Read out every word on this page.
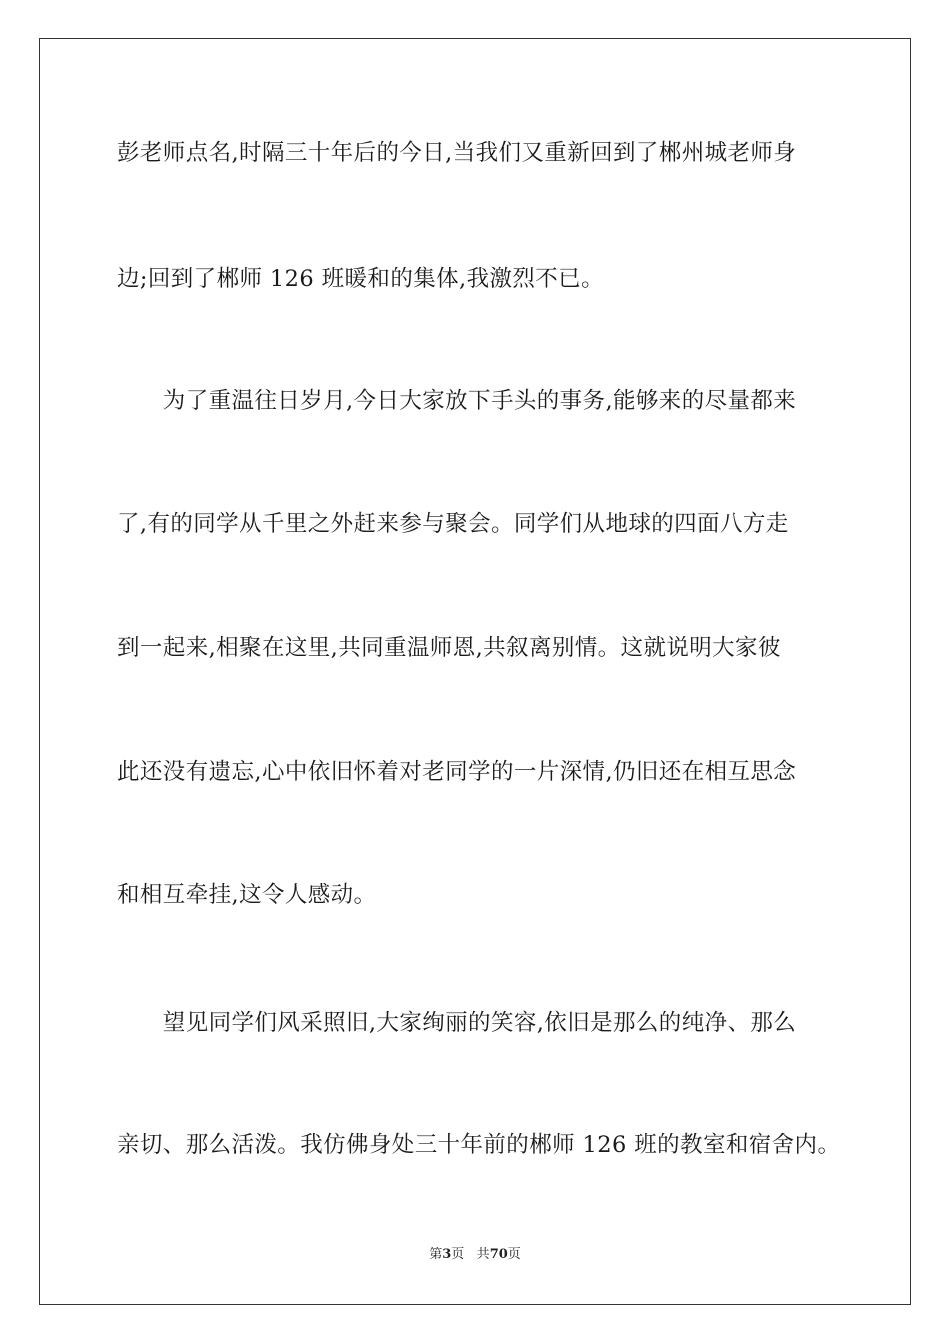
彭老师点名,时隔三十年后的今日,当我们又重新回到了郴州城老师身
边;回到了郴师 126 班暖和的集体,我激烈不已。
　　为了重温往日岁月,今日大家放下手头的事务,能够来的尽量都来
了,有的同学从千里之外赶来参与聚会。同学们从地球的四面八方走
到一起来,相聚在这里,共同重温师恩,共叙离别情。这就说明大家彼
此还没有遗忘,心中依旧怀着对老同学的一片深情,仍旧还在相互思念
和相互牵挂,这令人感动。
　　望见同学们风采照旧,大家绚丽的笑容,依旧是那么的纯净、那么
亲切、那么活泼。我仿佛身处三十年前的郴师 126 班的教室和宿舍内。
第3页 共70页
